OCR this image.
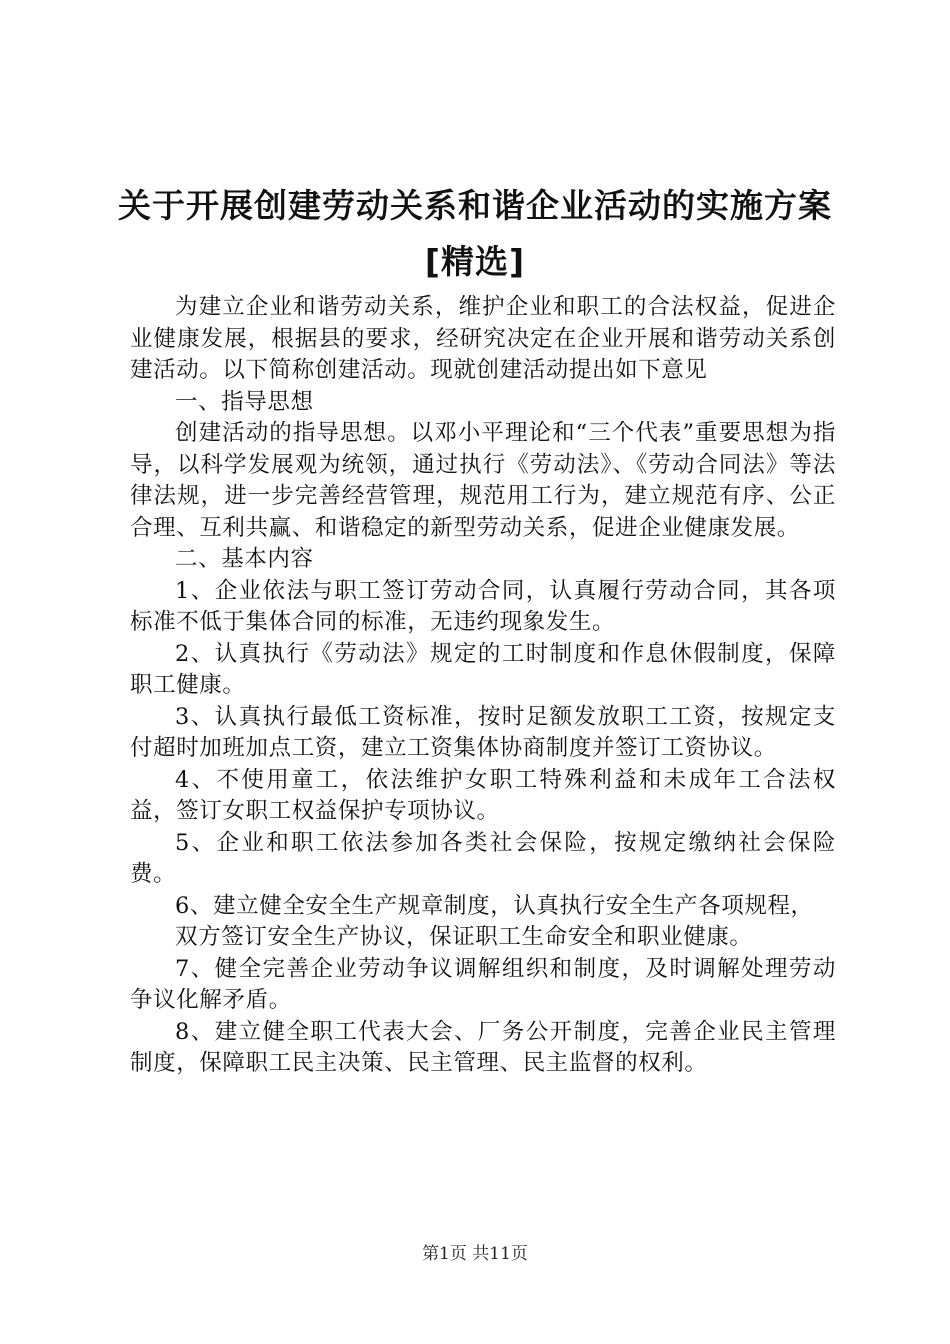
关于开展创建劳动关系和谐企业活动的实施方案[精选]

为建立企业和谐劳动关系，维护企业和职工的合法权益，促进企业健康发展，根据县的要求，经研究决定在企业开展和谐劳动关系创建活动。以下简称创建活动。现就创建活动提出如下意见

一、指导思想

创建活动的指导思想。以邓小平理论和“三个代表”重要思想为指导，以科学发展观为统领，通过执行《劳动法》、《劳动合同法》等法律法规，进一步完善经营管理，规范用工行为，建立规范有序、公正合理、互利共赢、和谐稳定的新型劳动关系，促进企业健康发展。

二、基本内容

1、企业依法与职工签订劳动合同，认真履行劳动合同，其各项标准不低于集体合同的标准，无违约现象发生。

2、认真执行《劳动法》规定的工时制度和作息休假制度，保障职工健康。

3、认真执行最低工资标准，按时足额发放职工工资，按规定支付超时加班加点工资，建立工资集体协商制度并签订工资协议。

4、不使用童工，依法维护女职工特殊利益和未成年工合法权益，签订女职工权益保护专项协议。

5、企业和职工依法参加各类社会保险，按规定缴纳社会保险费。

6、建立健全安全生产规章制度，认真执行安全生产各项规程，

双方签订安全生产协议，保证职工生命安全和职业健康。

7、健全完善企业劳动争议调解组织和制度，及时调解处理劳动争议化解矛盾。

8、建立健全职工代表大会、厂务公开制度，完善企业民主管理制度，保障职工民主决策、民主管理、民主监督的权利。

第1页 共11页
